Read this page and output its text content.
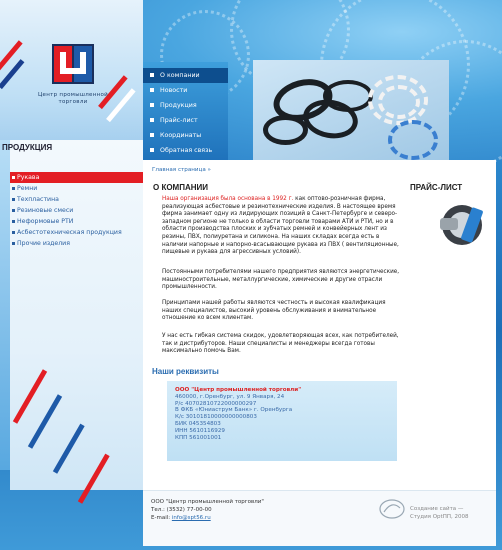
Центр промышленной торговли
О компании
Новости
Продукция
Прайс-лист
Координаты
Обратная связь
ПРОДУКЦИЯ
Рукава
Ремни
Техпластина
Резиновые смеси
Неформовые РТИ
Асбестотехническая продукция
Прочие изделия
Главная страница »
О КОМПАНИИ	ПРАЙС-ЛИСТ
Наша организация была основана в 1992 г. как оптово-розничная фирма, реализующая асбестовые и резинотехнические изделия. В настоящее время фирма занимает одну из лидирующих позиций в Санкт-Петербурге и северо-западном регионе не только в области торговли товарами АТИ и РТИ, но и в области производства плоских и зубчатых ремней и конвейерных лент из резины, ПВХ, полиуретана и силикона. На наших складах всегда есть в наличии напорные и напорно-всасывающие рукава из ПВХ ( вентиляционные, пищевые и рукава для агрессивных условий).
Постоянными потребителями нашего предприятия являются энергетические, машиностроительные, металлургические, химические и другие отрасли промышленности.
Принципами нашей работы являются честность и высокая квалификация наших специалистов, высокий уровень обслуживания и внимательное отношение ко всем клиентам.
У нас есть гибкая система скидок, удовлетворяющая всех, как потребителей, так и дистрибуторов. Наши специалисты и менеджеры всегда готовы максимально помочь Вам.
Наши реквизиты
ООО "Центр промышленной торговли"
460000, г.Оренбург, ул. 9 Января, 24
Р/с 40702810722000000297
В ФКБ «Юниаструм Банк» г. Оренбурга
К/с 30101810000000000803
БИК 045354803
ИНН 5610116929
КПП 561001001
ООО "Центр промышленной торговли"
Тел.: (3532) 77-00-00
E-mail: info@spt56.ru
Создание сайта —
Студия OptПП, 2008
